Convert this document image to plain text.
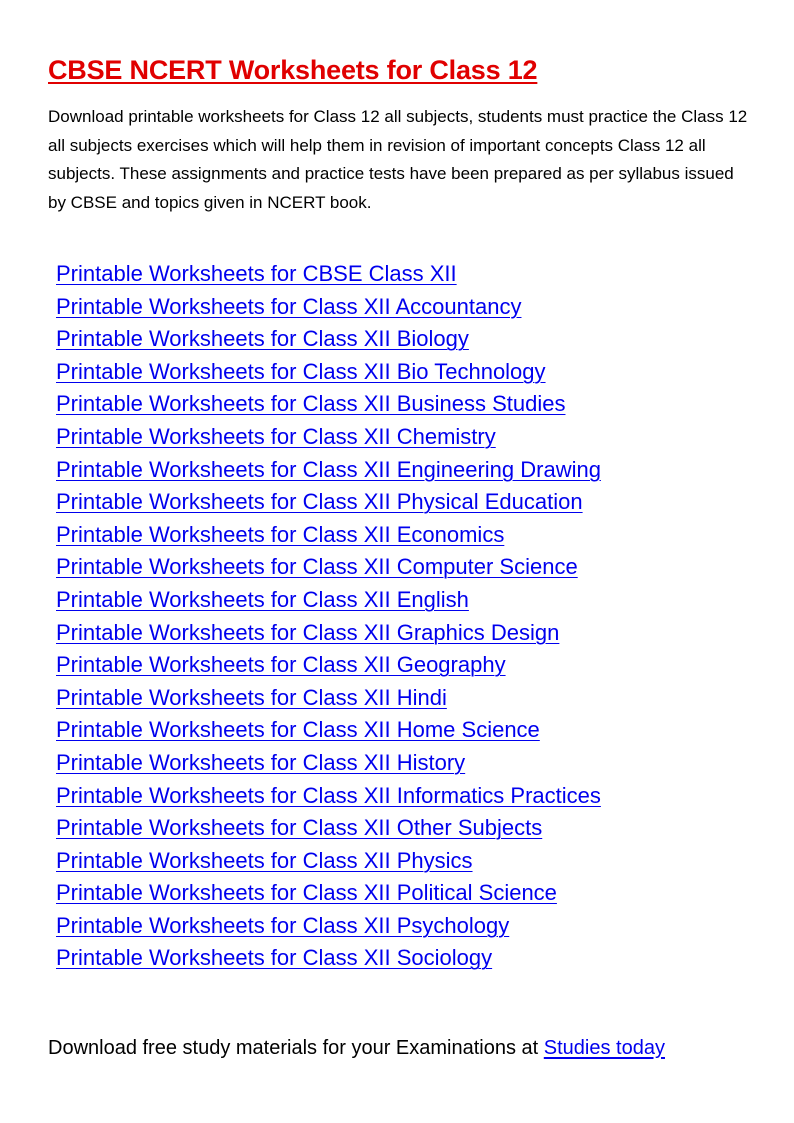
CBSE NCERT Worksheets for Class 12

Download printable worksheets for Class 12 all subjects, students must practice the Class 12 all subjects exercises which will help them in revision of important concepts Class 12 all subjects. These assignments and practice tests have been prepared as per syllabus issued by CBSE and topics given in NCERT book.

Printable Worksheets for CBSE Class XII
Printable Worksheets for Class XII Accountancy
Printable Worksheets for Class XII Biology
Printable Worksheets for Class XII Bio Technology
Printable Worksheets for Class XII Business Studies
Printable Worksheets for Class XII Chemistry
Printable Worksheets for Class XII Engineering Drawing
Printable Worksheets for Class XII Physical Education
Printable Worksheets for Class XII Economics
Printable Worksheets for Class XII Computer Science
Printable Worksheets for Class XII English
Printable Worksheets for Class XII Graphics Design
Printable Worksheets for Class XII Geography
Printable Worksheets for Class XII Hindi
Printable Worksheets for Class XII Home Science
Printable Worksheets for Class XII History
Printable Worksheets for Class XII Informatics Practices
Printable Worksheets for Class XII Other Subjects
Printable Worksheets for Class XII Physics
Printable Worksheets for Class XII Political Science
Printable Worksheets for Class XII Psychology
Printable Worksheets for Class XII Sociology

Download free study materials for your Examinations at Studies today
